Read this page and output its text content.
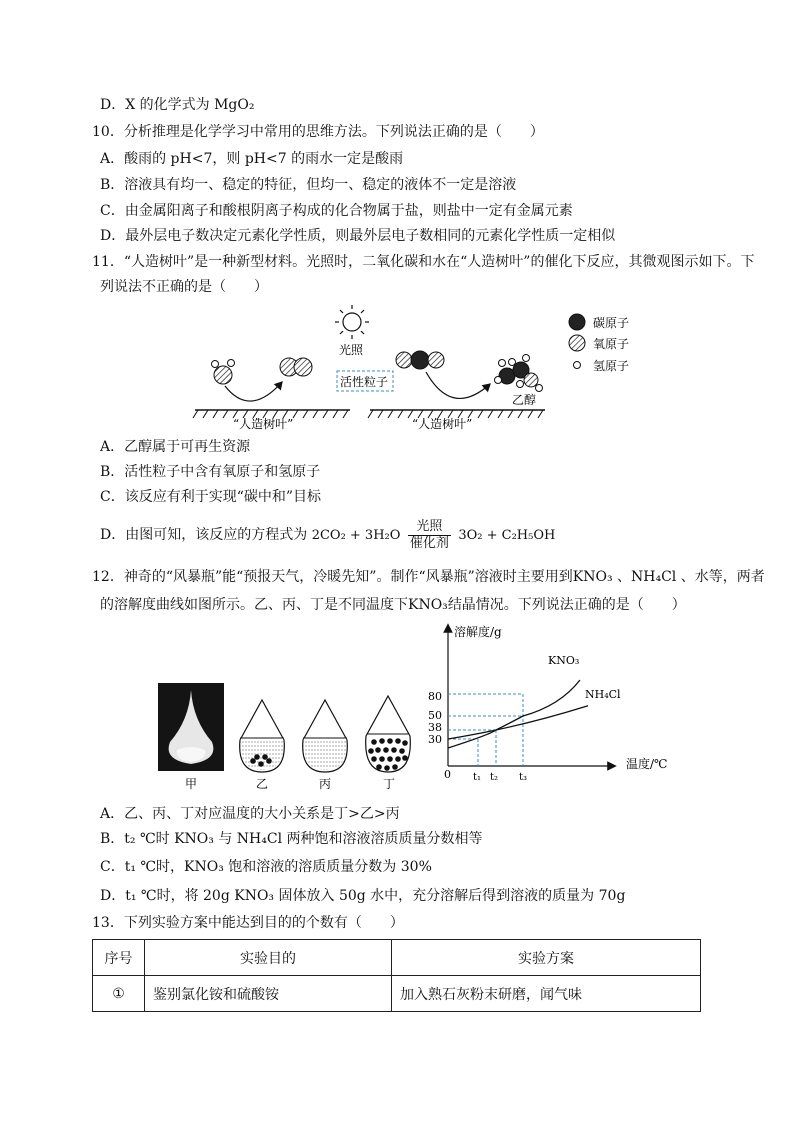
D．X 的化学式为 MgO₂
10．分析推理是化学学习中常用的思维方法。下列说法正确的是（　　）
A．酸雨的 pH<7，则 pH<7 的雨水一定是酸雨
B．溶液具有均一、稳定的特征，但均一、稳定的液体不一定是溶液
C．由金属阳离子和酸根阴离子构成的化合物属于盐，则盐中一定有金属元素
D．最外层电子数决定元素化学性质，则最外层电子数相同的元素化学性质一定相似
11．“人造树叶”是一种新型材料。光照时，二氧化碳和水在“人造树叶”的催化下反应，其微观图示如下。下
列说法不正确的是（　　）
光照
“人造树叶”
活性粒子
乙醇
“人造树叶”
碳原子
氧原子
氢原子
A．乙醇属于可再生资源
B．活性粒子中含有氧原子和氢原子
C．该反应有利于实现“碳中和”目标
D．由图可知，该反应的方程式为 $2CO_2 + 3H_2O \frac{\text{光照}}{\text{催化剂}} 3O_2 + C_2H_5OH$
12．神奇的“风暴瓶”能“预报天气，冷暖先知”。制作“风暴瓶”溶液时主要用到KNO₃ 、NH₄Cl 、水等，两者
的溶解度曲线如图所示。乙、丙、丁是不同温度下KNO₃结晶情况。下列说法正确的是（　　）
甲	乙	丙	丁
溶解度/g
温度/℃
KNO₃
NH₄Cl
80
50
38
30
0 t₁ t₂ t₃
A．乙、丙、丁对应温度的大小关系是丁>乙>丙
B．t₂ ℃时 KNO₃ 与 NH₄Cl 两种饱和溶液溶质质量分数相等
C．t₁ ℃时，KNO₃ 饱和溶液的溶质质量分数为 30%
D．t₁ ℃时，将 20g KNO₃ 固体放入 50g 水中，充分溶解后得到溶液的质量为 70g
13．下列实验方案中能达到目的的个数有（　　）
序号	实验目的	实验方案
①	鉴别氯化铵和硫酸铵	加入熟石灰粉末研磨，闻气味
